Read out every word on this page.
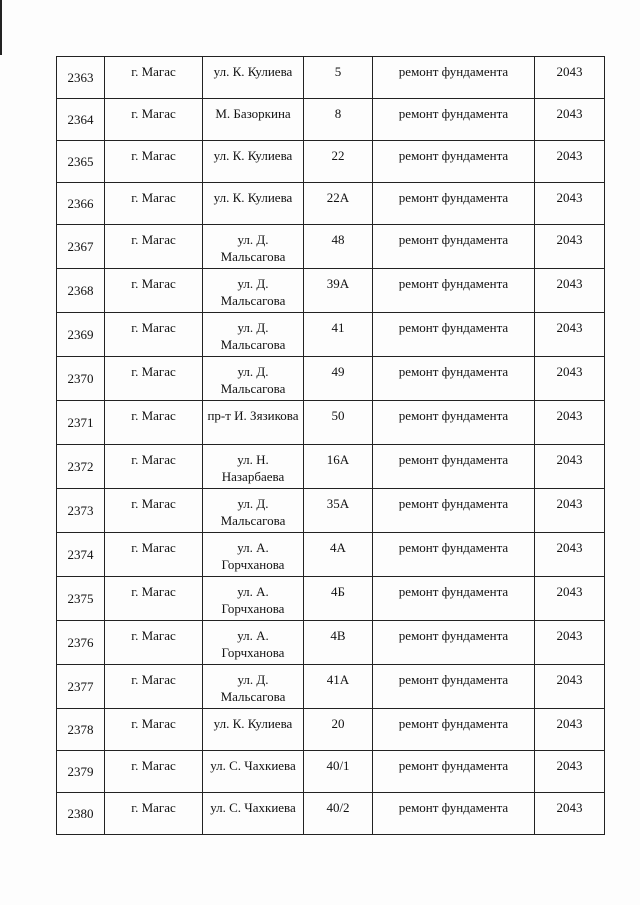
2363	г. Магас	ул. К. Кулиева	5	ремонт фундамента	2043
2364	г. Магас	М. Базоркина	8	ремонт фундамента	2043
2365	г. Магас	ул. К. Кулиева	22	ремонт фундамента	2043
2366	г. Магас	ул. К. Кулиева	22А	ремонт фундамента	2043
2367	г. Магас	ул. Д. Мальсагова	48	ремонт фундамента	2043
2368	г. Магас	ул. Д. Мальсагова	39А	ремонт фундамента	2043
2369	г. Магас	ул. Д. Мальсагова	41	ремонт фундамента	2043
2370	г. Магас	ул. Д. Мальсагова	49	ремонт фундамента	2043
2371	г. Магас	пр-т И. Зязикова	50	ремонт фундамента	2043
2372	г. Магас	ул. Н. Назарбаева	16А	ремонт фундамента	2043
2373	г. Магас	ул. Д. Мальсагова	35А	ремонт фундамента	2043
2374	г. Магас	ул. А. Горчханова	4А	ремонт фундамента	2043
2375	г. Магас	ул. А. Горчханова	4Б	ремонт фундамента	2043
2376	г. Магас	ул. А. Горчханова	4В	ремонт фундамента	2043
2377	г. Магас	ул. Д. Мальсагова	41А	ремонт фундамента	2043
2378	г. Магас	ул. К. Кулиева	20	ремонт фундамента	2043
2379	г. Магас	ул. С. Чахкиева	40/1	ремонт фундамента	2043
2380	г. Магас	ул. С. Чахкиева	40/2	ремонт фундамента	2043
